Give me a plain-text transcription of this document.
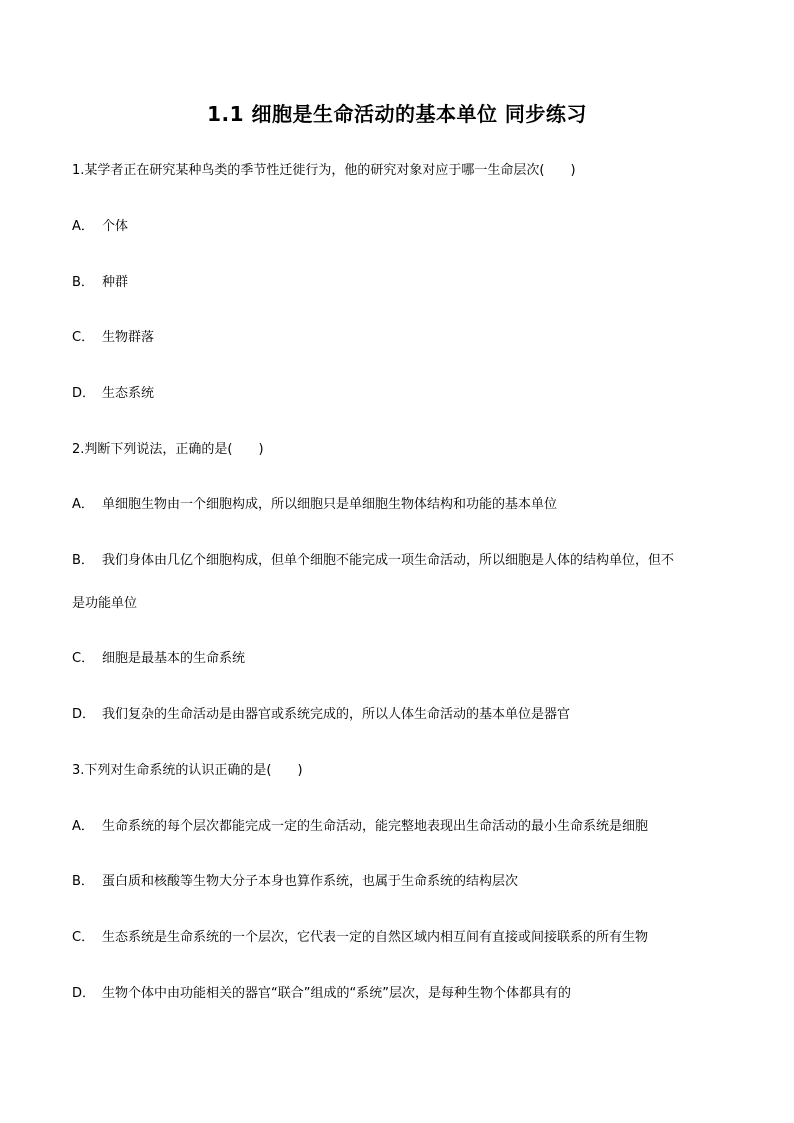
1.1 细胞是生命活动的基本单位 同步练习
1.某学者正在研究某种鸟类的季节性迁徙行为，他的研究对象对应于哪一生命层次(　　)
A． 个体
B． 种群
C． 生物群落
D． 生态系统
2.判断下列说法，正确的是(　　)
A． 单细胞生物由一个细胞构成，所以细胞只是单细胞生物体结构和功能的基本单位
B． 我们身体由几亿个细胞构成，但单个细胞不能完成一项生命活动，所以细胞是人体的结构单位，但不
是功能单位
C． 细胞是最基本的生命系统
D． 我们复杂的生命活动是由器官或系统完成的，所以人体生命活动的基本单位是器官
3.下列对生命系统的认识正确的是(　　)
A． 生命系统的每个层次都能完成一定的生命活动，能完整地表现出生命活动的最小生命系统是细胞
B． 蛋白质和核酸等生物大分子本身也算作系统，也属于生命系统的结构层次
C． 生态系统是生命系统的一个层次，它代表一定的自然区域内相互间有直接或间接联系的所有生物
D． 生物个体中由功能相关的器官“联合”组成的“系统”层次，是每种生物个体都具有的
